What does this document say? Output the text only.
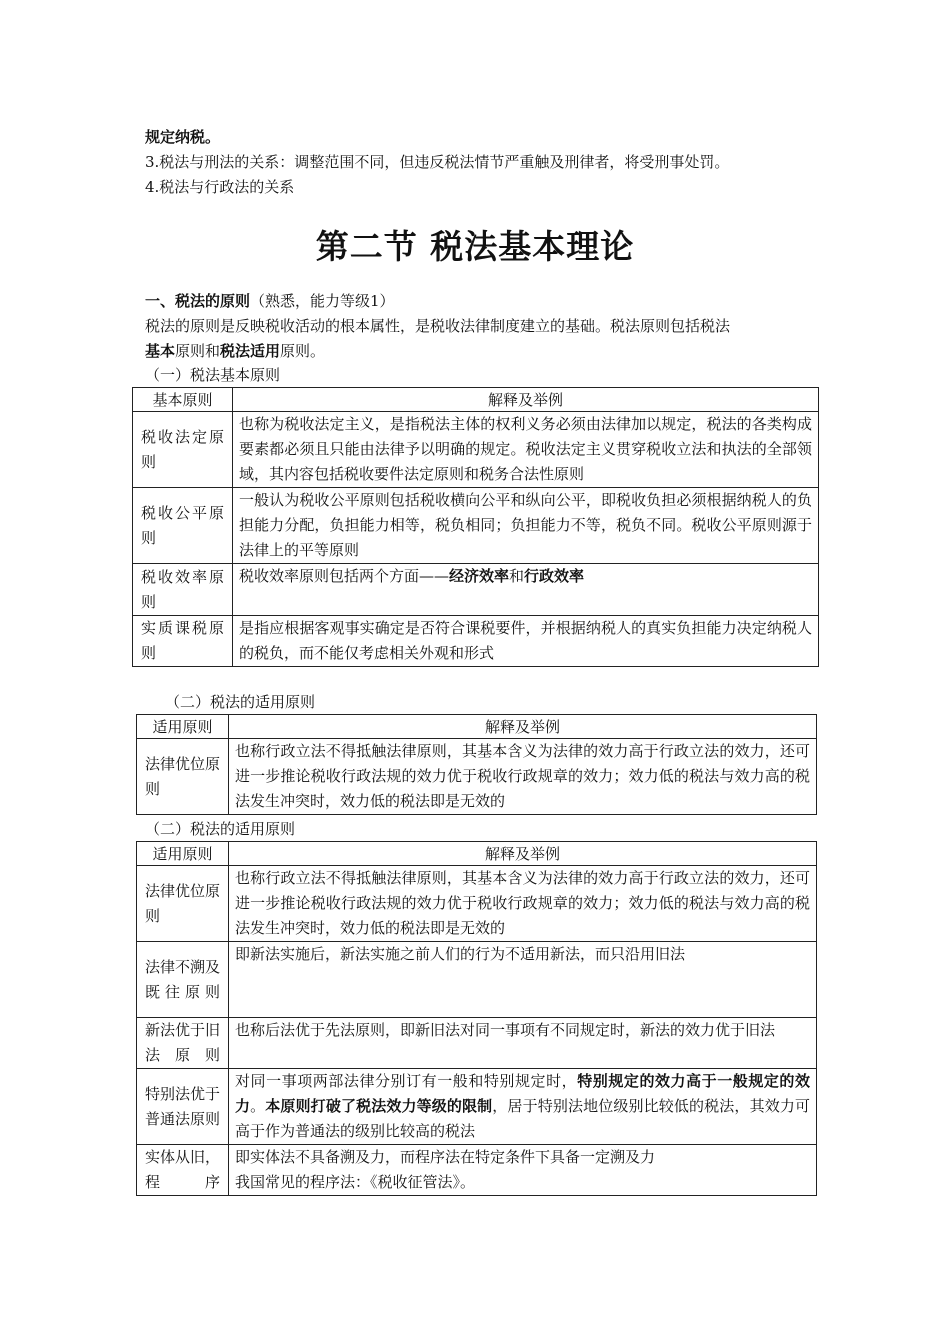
规定纳税。
3.税法与刑法的关系：调整范围不同，但违反税法情节严重触及刑律者，将受刑事处罚。
4.税法与行政法的关系
第二节 税法基本理论
一、税法的原则（熟悉，能力等级1）
税法的原则是反映税收活动的根本属性，是税收法律制度建立的基础。税法原则包括税法
基本原则和税法适用原则。
（一）税法基本原则
基本原则	解释及举例
税收法定原则	也称为税收法定主义，是指税法主体的权利义务必须由法律加以规定，税法的各类构成要素都必须且只能由法律予以明确的规定。税收法定主义贯穿税收立法和执法的全部领域，其内容包括税收要件法定原则和税务合法性原则
税收公平原则	一般认为税收公平原则包括税收横向公平和纵向公平，即税收负担必须根据纳税人的负担能力分配，负担能力相等，税负相同；负担能力不等，税负不同。税收公平原则源于法律上的平等原则
税收效率原则	税收效率原则包括两个方面——经济效率和行政效率
实质课税原则	是指应根据客观事实确定是否符合课税要件，并根据纳税人的真实负担能力决定纳税人的税负，而不能仅考虑相关外观和形式
（二）税法的适用原则
适用原则	解释及举例
法律优位原则	也称行政立法不得抵触法律原则，其基本含义为法律的效力高于行政立法的效力，还可进一步推论税收行政法规的效力优于税收行政规章的效力；效力低的税法与效力高的税法发生冲突时，效力低的税法即是无效的
（二）税法的适用原则
适用原则	解释及举例
法律优位原则	也称行政立法不得抵触法律原则，其基本含义为法律的效力高于行政立法的效力，还可进一步推论税收行政法规的效力优于税收行政规章的效力；效力低的税法与效力高的税法发生冲突时，效力低的税法即是无效的
法律不溯及既往原则	即新法实施后，新法实施之前人们的行为不适用新法，而只沿用旧法
新法优于旧法原则	也称后法优于先法原则，即新旧法对同一事项有不同规定时，新法的效力优于旧法
特别法优于普通法原则	对同一事项两部法律分别订有一般和特别规定时，特别规定的效力高于一般规定的效力。本原则打破了税法效力等级的限制，居于特别法地位级别比较低的税法，其效力可高于作为普通法的级别比较高的税法
实体从旧，程序	即实体法不具备溯及力，而程序法在特定条件下具备一定溯及力
我国常见的程序法：《税收征管法》。
